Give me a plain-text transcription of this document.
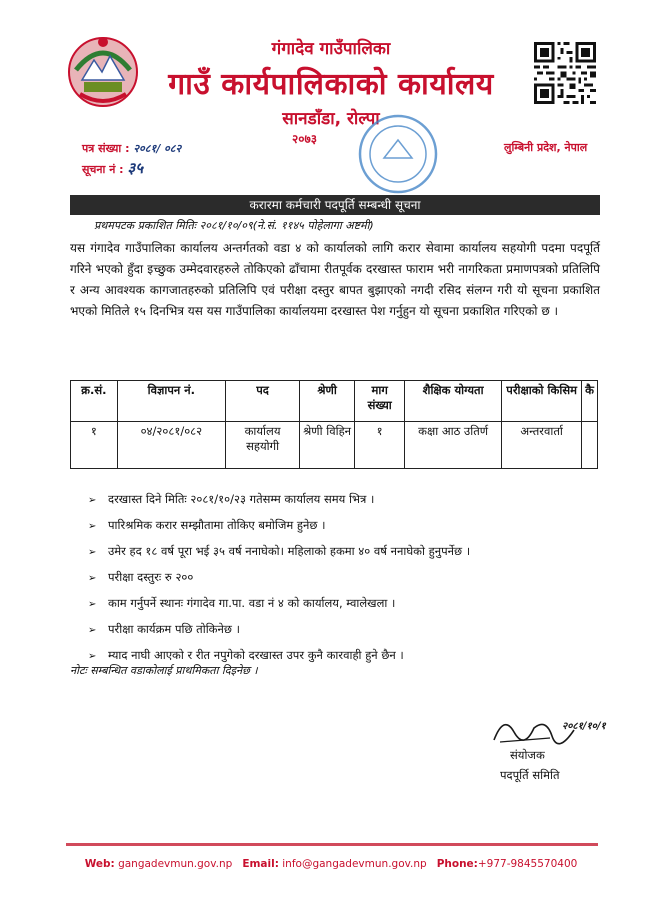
गंगादेव गाउँपालिका
गाउँ कार्यपालिकाको कार्यालय
सानडाँडा, रोल्पा
२०७३
लुम्बिनी प्रदेश, नेपाल
पत्र संख्या : २०८१/ ०८२
सूचना नं : ३५
करारमा कर्मचारी पदपूर्ति सम्बन्धी सूचना
प्रथमपटक प्रकाशित मितिः २०८१/१०/०९(ने.सं. ११४५ पोहेलागा अष्टमी)
यस गंगादेव गाउँपालिका कार्यालय अन्तर्गतको वडा ४ को कार्यालको लागि करार सेवामा कार्यालय सहयोगी पदमा पदपूर्ति गरिने भएको हुँदा इच्छुक उम्मेदवारहरुले तोकिएको ढाँचामा रीतपूर्वक दरखास्त फाराम भरी नागरिकता प्रमाणपत्रको प्रतिलिपि र अन्य आवश्यक कागजातहरुको प्रतिलिपि एवं परीक्षा दस्तुर बापत बुझाएको नगदी रसिद संलग्न गरी यो सूचना प्रकाशित भएको मितिले १५ दिनभित्र यस यस गाउँपालिका कार्यालयमा दरखास्त पेश गर्नुहुन यो सूचना प्रकाशित गरिएको छ ।
क्र.सं.	विज्ञापन नं.	पद	श्रेणी	माग संख्या	शैक्षिक योग्यता	परीक्षाको किसिम	कै
१	०४/२०८१/०८२	कार्यालय सहयोगी	श्रेणी विहिन	१	कक्षा आठ उतिर्ण	अन्तरवार्ता	
➢ दरखास्त दिने मितिः २०८१/१०/२३ गतेसम्म कार्यालय समय भित्र ।
➢ पारिश्रमिक करार सम्झौतामा तोकिए बमोजिम हुनेछ ।
➢ उमेर हद १८ वर्ष पूरा भई ३५ वर्ष ननाघेको। महिलाको हकमा ४० वर्ष ननाघेको हुनुपर्नेछ ।
➢ परीक्षा दस्तुरः रु २००
➢ काम गर्नुपर्ने स्थानः गंगादेव गा.पा. वडा नं ४ को कार्यालय, म्वालेखला ।
➢ परीक्षा कार्यक्रम पछि तोकिनेछ ।
➢ म्याद नाघी आएको र रीत नपुगेको दरखास्त उपर कुनै कारवाही हुने छैन ।
नोटः सम्बन्धित वडाकोलाई प्राथमिकता दिइनेछ ।
२०८१/१०/१
संयोजक
पदपूर्ति समिति
Web: gangadevmun.gov.np Email: info@gangadevmun.gov.np Phone:+977-9845570400
